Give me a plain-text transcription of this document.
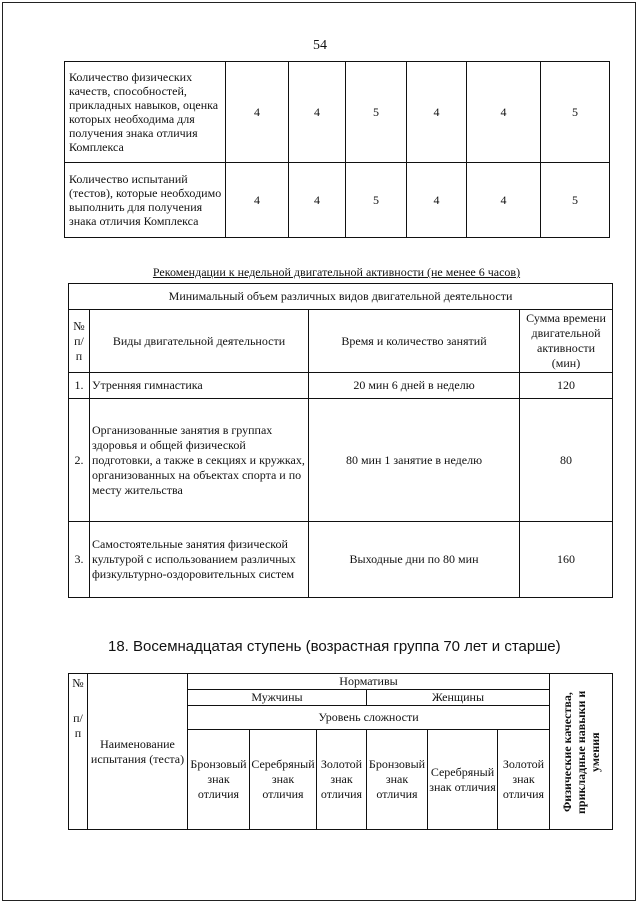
54
Количество физических качеств, способностей, прикладных навыков, оценка которых необходима для получения знака отличия Комплекса	4	4	5	4	4	5
Количество испытаний (тестов), которые необходимо выполнить для получения знака отличия Комплекса	4	4	5	4	4	5
Рекомендации к недельной двигательной активности (не менее 6 часов)
Минимальный объем различных видов двигательной деятельности			
№ п/п	Виды двигательной деятельности	Время и количество занятий	Сумма времени двигательной активности (мин)
1.	Утренняя гимнастика	20 мин 6 дней в неделю	120
2.	Организованные занятия в группах здоровья и общей физической подготовки, а также в секциях и кружках, организованных на объектах спорта и по месту жительства	80 мин 1 занятие в неделю	80
3.	Самостоятельные занятия физической культурой с использованием различных физкультурно-оздоровительных систем	Выходные дни по 80 мин	160
18. Восемнадцатая ступень (возрастная группа 70 лет и старше)
№
п/п	Наименование испытания (теста)	Нормативы						Физические качества, прикладные навыки и умения

		Мужчины			Женщины			
		Уровень сложности						
		Бронзовый знак отличия	Серебряный знак отличия	Золотой знак отличия	Бронзовый знак отличия	Серебряный знак отличия	Золотой знак отличия	
